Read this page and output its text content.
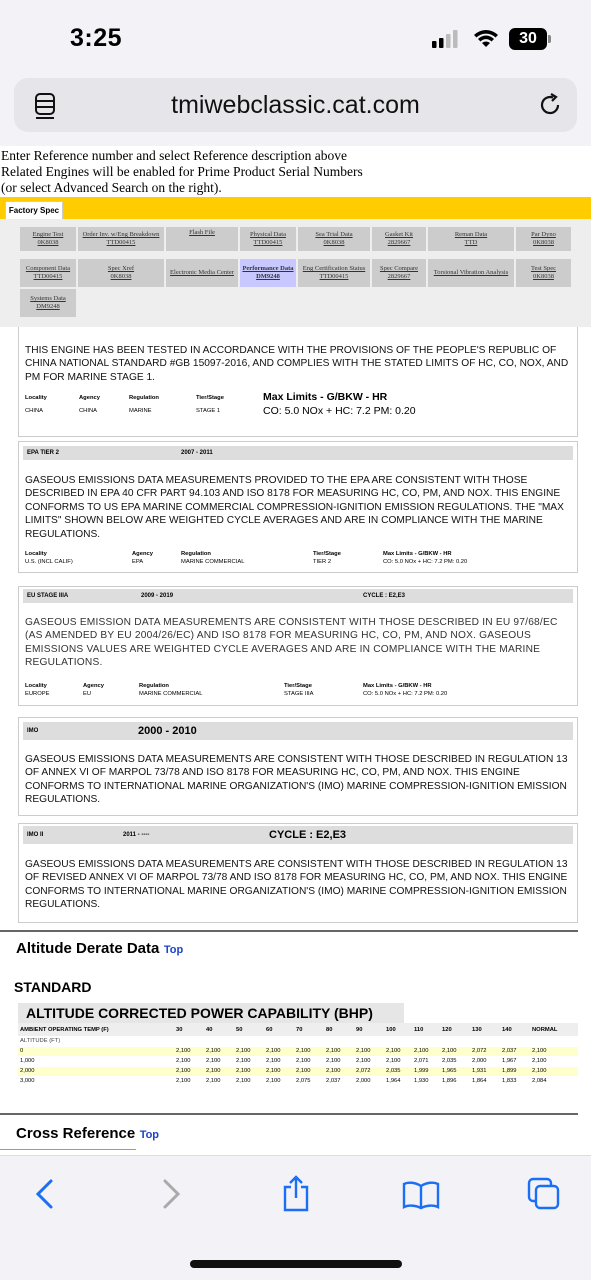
3:25	30
tmiwebclassic.cat.com
Enter Reference number and select Reference description above
Related Engines will be enabled for Prime Product Serial Numbers
(or select Advanced Search on the right).
Factory Spec
Engine Test
0K8038
Order Inv. w/Eng Breakdown
TTD00415
Flash File	Physical Data
TTD00415
Sea Trial Data
0K8038
Gasket Kit
2829667
Reman Data
TTD
Par Dyno
0K8038
Component Data
TTD00415
Spec Xref
0K8038
Electronic Media Center
Performance Data
DM9248
Eng Certification Status
TTD00415
Spec Compare
2829667
Torsional Vibration Analysis
Test Spec
0K8038
Systems Data
DM9248
THIS ENGINE HAS BEEN TESTED IN ACCORDANCE WITH THE PROVISIONS OF THE PEOPLE'S REPUBLIC OF CHINA NATIONAL STANDARD #GB 15097-2016, AND COMPLIES WITH THE STATED LIMITS OF HC, CO, NOX, AND PM FOR MARINE STAGE 1.
Locality	Agency	Regulation	Tier/Stage
CHINA	CHINA	MARINE	STAGE 1
Max Limits - G/BKW - HR
CO: 5.0 NOx + HC: 7.2 PM: 0.20
EPA TIER 2	2007 - 2011
GASEOUS EMISSIONS DATA MEASUREMENTS PROVIDED TO THE EPA ARE CONSISTENT WITH THOSE DESCRIBED IN EPA 40 CFR PART 94.103 AND ISO 8178 FOR MEASURING HC, CO, PM, AND NOX. THIS ENGINE CONFORMS TO US EPA MARINE COMMERCIAL COMPRESSION-IGNITION EMISSION REGULATIONS. THE "MAX LIMITS" SHOWN BELOW ARE WEIGHTED CYCLE AVERAGES AND ARE IN COMPLIANCE WITH THE MARINE REGULATIONS.
Locality	Agency	Regulation	Tier/Stage	Max Limits - G/BKW - HR
U.S. (INCL CALIF)	EPA	MARINE COMMERCIAL	TIER 2	CO: 5.0 NOx + HC: 7.2 PM: 0.20
EU STAGE IIIA	2009 - 2019	CYCLE : E2,E3
GASEOUS EMISSION DATA MEASUREMENTS ARE CONSISTENT WITH THOSE DESCRIBED IN EU 97/68/EC (AS AMENDED BY EU 2004/26/EC) AND ISO 8178 FOR MEASURING HC, CO, PM, AND NOX. GASEOUS EMISSIONS VALUES ARE WEIGHTED CYCLE AVERAGES AND ARE IN COMPLIANCE WITH THE MARINE REGULATIONS.
Locality	Agency	Regulation	Tier/Stage	Max Limits - G/BKW - HR
EUROPE	EU	MARINE COMMERCIAL	STAGE IIIA	CO: 5.0 NOx + HC: 7.2 PM: 0.20
IMO	2000 - 2010
GASEOUS EMISSIONS DATA MEASUREMENTS ARE CONSISTENT WITH THOSE DESCRIBED IN REGULATION 13 OF ANNEX VI OF MARPOL 73/78 AND ISO 8178 FOR MEASURING HC, CO, PM, AND NOX. THIS ENGINE CONFORMS TO INTERNATIONAL MARINE ORGANIZATION'S (IMO) MARINE COMPRESSION-IGNITION EMISSION REGULATIONS.
IMO II	2011 - ----	CYCLE : E2,E3
GASEOUS EMISSIONS DATA MEASUREMENTS ARE CONSISTENT WITH THOSE DESCRIBED IN REGULATION 13 OF REVISED ANNEX VI OF MARPOL 73/78 AND ISO 8178 FOR MEASURING HC, CO, PM, AND NOX. THIS ENGINE CONFORMS TO INTERNATIONAL MARINE ORGANIZATION'S (IMO) MARINE COMPRESSION-IGNITION EMISSION REGULATIONS.
Altitude Derate Data Top
STANDARD
ALTITUDE CORRECTED POWER CAPABILITY (BHP)
AMBIENT OPERATING TEMP (F)	30	40	50	60	70	80	90	100	110	120	130	140	NORMAL
ALTITUDE (FT)
0	2,100	2,100	2,100	2,100	2,100	2,100	2,100	2,100 2,100 2,100	2,072	2,037	2,100
1,000	2,100	2,100	2,100	2,100	2,100	2,100	2,100	2,100 2,071 2,035	2,000	1,967	2,100
2,000	2,100	2,100	2,100	2,100	2,100	2,100	2,072	2,035 1,999 1,965	1,931	1,899	2,100
3,000	2,100	2,100	2,100	2,100	2,075	2,037	2,000	1,964 1,930 1,896	1,864	1,833	2,084
Cross Reference Top
